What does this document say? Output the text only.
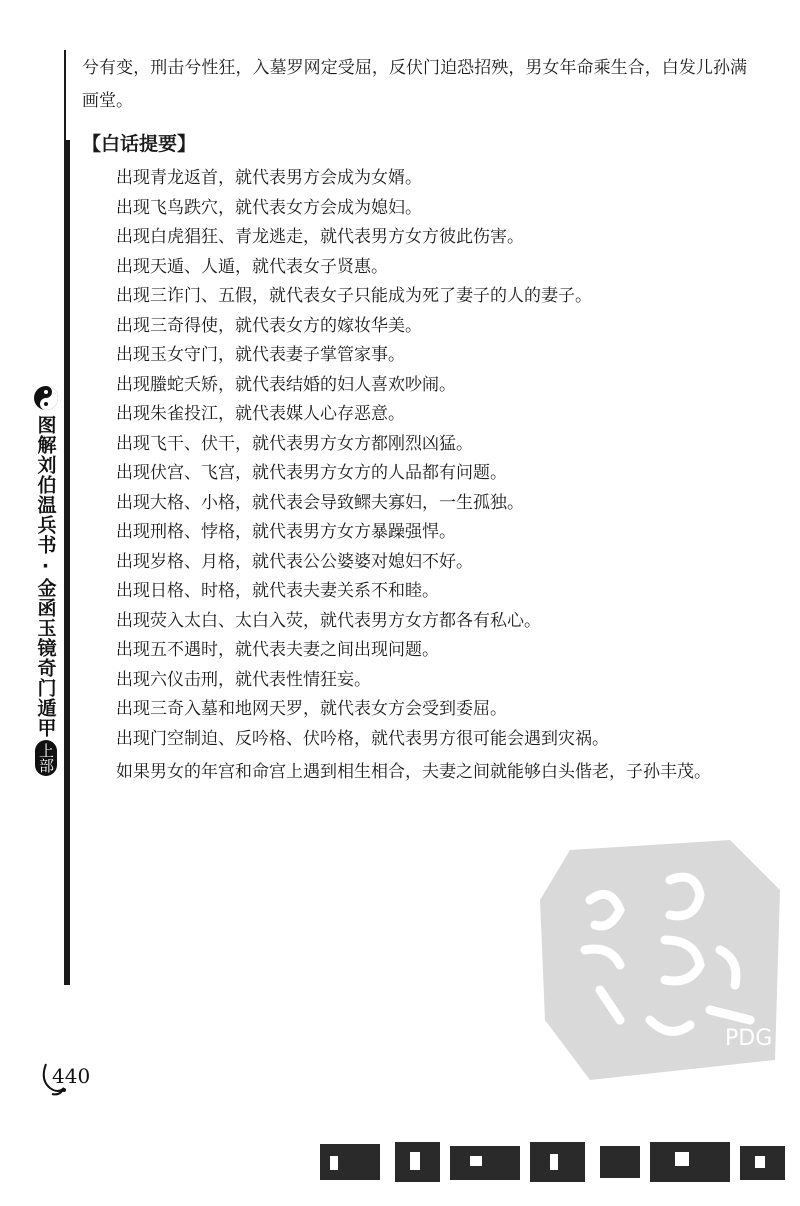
图解刘伯温兵书·金函玉镜奇门遁甲
上部

兮有变，刑击兮性狂，入墓罗网定受屈，反伏门迫恐招殃，男女年命乘生合，白发儿孙满画堂。

【白话提要】
出现青龙返首，就代表男方会成为女婿。
出现飞鸟跌穴，就代表女方会成为媳妇。
出现白虎猖狂、青龙逃走，就代表男方女方彼此伤害。
出现天遁、人遁，就代表女子贤惠。
出现三诈门、五假，就代表女子只能成为死了妻子的人的妻子。
出现三奇得使，就代表女方的嫁妆华美。
出现玉女守门，就代表妻子掌管家事。
出现螣蛇夭矫，就代表结婚的妇人喜欢吵闹。
出现朱雀投江，就代表媒人心存恶意。
出现飞干、伏干，就代表男方女方都刚烈凶猛。
出现伏宫、飞宫，就代表男方女方的人品都有问题。
出现大格、小格，就代表会导致鳏夫寡妇，一生孤独。
出现刑格、悖格，就代表男方女方暴躁强悍。
出现岁格、月格，就代表公公婆婆对媳妇不好。
出现日格、时格，就代表夫妻关系不和睦。
出现荧入太白、太白入荧，就代表男方女方都各有私心。
出现五不遇时，就代表夫妻之间出现问题。
出现六仪击刑，就代表性情狂妄。
出现三奇入墓和地网天罗，就代表女方会受到委屈。
出现门空制迫、反吟格、伏吟格，就代表男方很可能会遇到灾祸。

如果男女的年宫和命宫上遇到相生相合，夫妻之间就能够白头偕老，子孙丰茂。

PDG
440
